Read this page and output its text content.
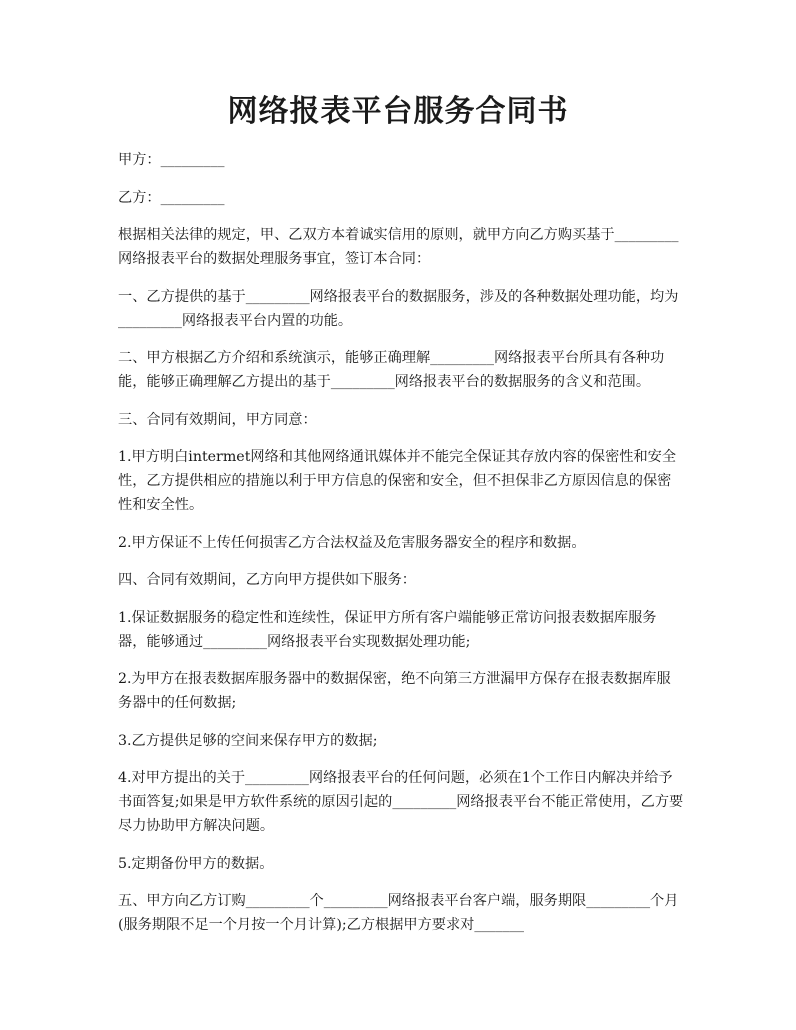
网络报表平台服务合同书

甲方：_________

乙方：_________

根据相关法律的规定，甲、乙双方本着诚实信用的原则，就甲方向乙方购买基于_________网络报表平台的数据处理服务事宜，签订本合同：

一、乙方提供的基于_________网络报表平台的数据服务，涉及的各种数据处理功能，均为_________网络报表平台内置的功能。

二、甲方根据乙方介绍和系统演示，能够正确理解_________网络报表平台所具有各种功能，能够正确理解乙方提出的基于_________网络报表平台的数据服务的含义和范围。

三、合同有效期间，甲方同意：

1.甲方明白intermet网络和其他网络通讯媒体并不能完全保证其存放内容的保密性和安全性，乙方提供相应的措施以利于甲方信息的保密和安全，但不担保非乙方原因信息的保密性和安全性。

2.甲方保证不上传任何损害乙方合法权益及危害服务器安全的程序和数据。

四、合同有效期间，乙方向甲方提供如下服务：

1.保证数据服务的稳定性和连续性，保证甲方所有客户端能够正常访问报表数据库服务器，能够通过_________网络报表平台实现数据处理功能;

2.为甲方在报表数据库服务器中的数据保密，绝不向第三方泄漏甲方保存在报表数据库服务器中的任何数据;

3.乙方提供足够的空间来保存甲方的数据;

4.对甲方提出的关于_________网络报表平台的任何问题，必须在1个工作日内解决并给予书面答复;如果是甲方软件系统的原因引起的_________网络报表平台不能正常使用，乙方要尽力协助甲方解决问题。

5.定期备份甲方的数据。

五、甲方向乙方订购_________个_________网络报表平台客户端，服务期限_________个月(服务期限不足一个月按一个月计算);乙方根据甲方要求对_______
